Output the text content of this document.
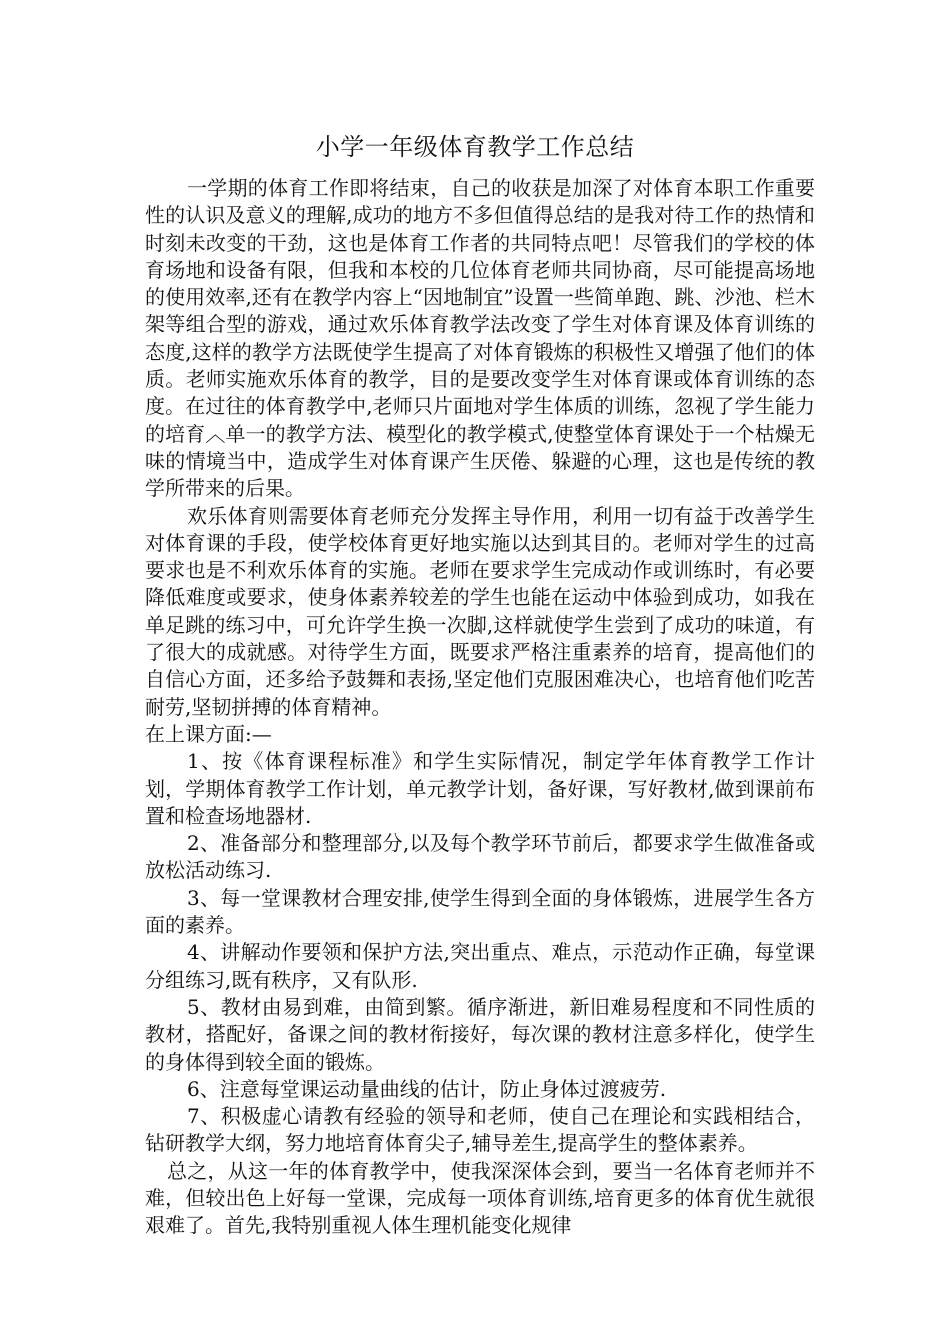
小学一年级体育教学工作总结

一学期的体育工作即将结束，自己的收获是加深了对体育本职工作重要性的认识及意义的理解,成功的地方不多但值得总结的是我对待工作的热情和时刻未改变的干劲，这也是体育工作者的共同特点吧！尽管我们的学校的体育场地和设备有限，但我和本校的几位体育老师共同协商，尽可能提高场地的使用效率,还有在教学内容上“因地制宜”设置一些简单跑、跳、沙池、栏木架等组合型的游戏，通过欢乐体育教学法改变了学生对体育课及体育训练的态度,这样的教学方法既使学生提高了对体育锻炼的积极性又增强了他们的体质。老师实施欢乐体育的教学，目的是要改变学生对体育课或体育训练的态度。在过往的体育教学中,老师只片面地对学生体质的训练，忽视了学生能力的培育︿单一的教学方法、模型化的教学模式,使整堂体育课处于一个枯燥无味的情境当中，造成学生对体育课产生厌倦、躲避的心理，这也是传统的教学所带来的后果。

欢乐体育则需要体育老师充分发挥主导作用，利用一切有益于改善学生对体育课的手段，使学校体育更好地实施以达到其目的。老师对学生的过高要求也是不利欢乐体育的实施。老师在要求学生完成动作或训练时，有必要降低难度或要求，使身体素养较差的学生也能在运动中体验到成功，如我在单足跳的练习中，可允许学生换一次脚,这样就使学生尝到了成功的味道，有了很大的成就感。对待学生方面，既要求严格注重素养的培育，提高他们的自信心方面，还多给予鼓舞和表扬,坚定他们克服困难决心，也培育他们吃苦耐劳,坚韧拼搏的体育精神。

在上课方面:—

1、按《体育课程标准》和学生实际情况，制定学年体育教学工作计划，学期体育教学工作计划，单元教学计划，备好课，写好教材,做到课前布置和检查场地器材.

2、准备部分和整理部分,以及每个教学环节前后，都要求学生做准备或放松活动练习.

3、每一堂课教材合理安排,使学生得到全面的身体锻炼，进展学生各方面的素养。

4、讲解动作要领和保护方法,突出重点、难点，示范动作正确，每堂课分组练习,既有秩序，又有队形.

5、教材由易到难，由简到繁。循序渐进，新旧难易程度和不同性质的教材，搭配好，备课之间的教材衔接好，每次课的教材注意多样化，使学生的身体得到较全面的锻炼。

6、注意每堂课运动量曲线的估计，防止身体过渡疲劳.

7、积极虚心请教有经验的领导和老师，使自己在理论和实践相结合，钻研教学大纲，努力地培育体育尖子,辅导差生,提高学生的整体素养。

总之，从这一年的体育教学中，使我深深体会到，要当一名体育老师并不难，但较出色上好每一堂课，完成每一项体育训练,培育更多的体育优生就很艰难了。首先,我特别重视人体生理机能变化规律
